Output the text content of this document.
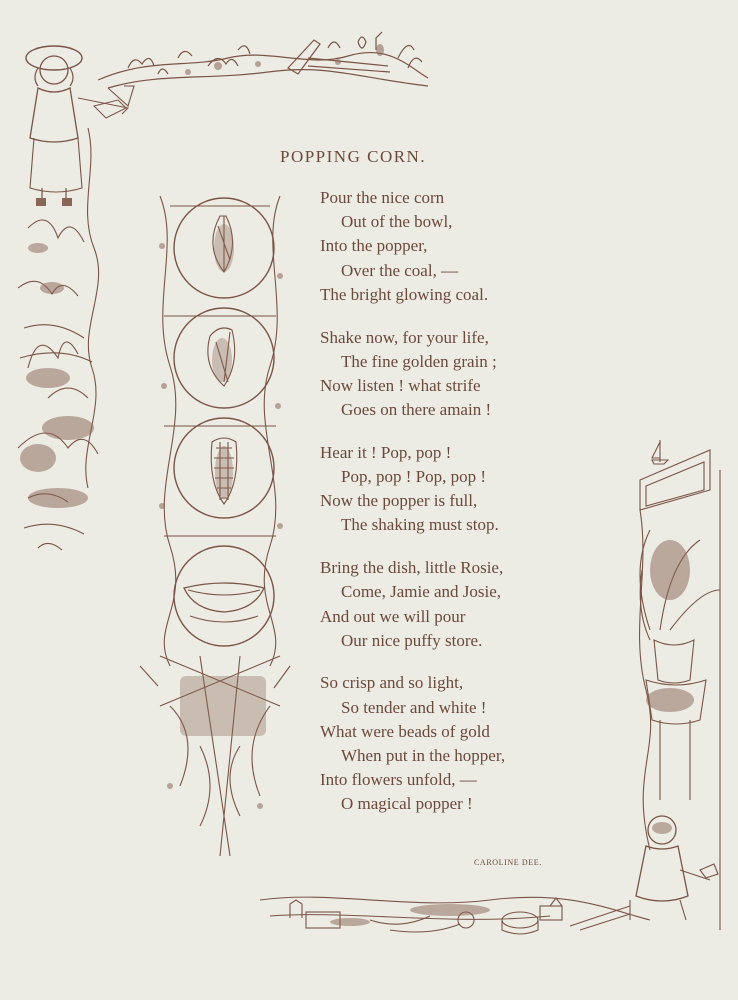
POPPING CORN.
Pour the nice corn
Out of the bowl,
Into the popper,
Over the coal, —
The bright glowing coal.
Shake now, for your life,
The fine golden grain ;
Now listen ! what strife
Goes on there amain !
Hear it ! Pop, pop !
Pop, pop ! Pop, pop !
Now the popper is full,
The shaking must stop.
Bring the dish, little Rosie,
Come, Jamie and Josie,
And out we will pour
Our nice puffy store.
So crisp and so light,
So tender and white !
What were beads of gold
When put in the hopper,
Into flowers unfold, —
O magical popper !
CAROLINE DEE.
